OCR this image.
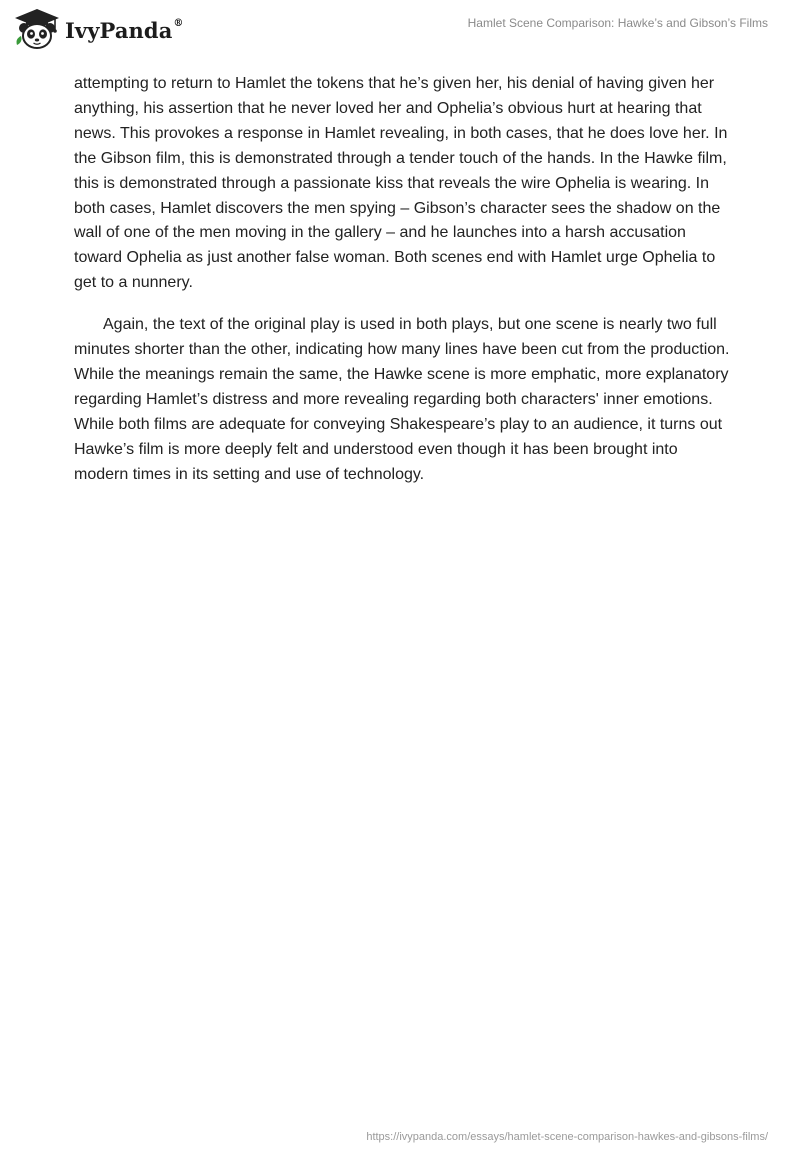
IvyPanda®	Hamlet Scene Comparison: Hawke’s and Gibson’s Films

attempting to return to Hamlet the tokens that he’s given her, his denial of having given her anything, his assertion that he never loved her and Ophelia’s obvious hurt at hearing that news. This provokes a response in Hamlet revealing, in both cases, that he does love her. In the Gibson film, this is demonstrated through a tender touch of the hands. In the Hawke film, this is demonstrated through a passionate kiss that reveals the wire Ophelia is wearing. In both cases, Hamlet discovers the men spying – Gibson’s character sees the shadow on the wall of one of the men moving in the gallery – and he launches into a harsh accusation toward Ophelia as just another false woman. Both scenes end with Hamlet urge Ophelia to get to a nunnery.

Again, the text of the original play is used in both plays, but one scene is nearly two full minutes shorter than the other, indicating how many lines have been cut from the production. While the meanings remain the same, the Hawke scene is more emphatic, more explanatory regarding Hamlet’s distress and more revealing regarding both characters' inner emotions. While both films are adequate for conveying Shakespeare’s play to an audience, it turns out Hawke’s film is more deeply felt and understood even though it has been brought into modern times in its setting and use of technology.

https://ivypanda.com/essays/hamlet-scene-comparison-hawkes-and-gibsons-films/
